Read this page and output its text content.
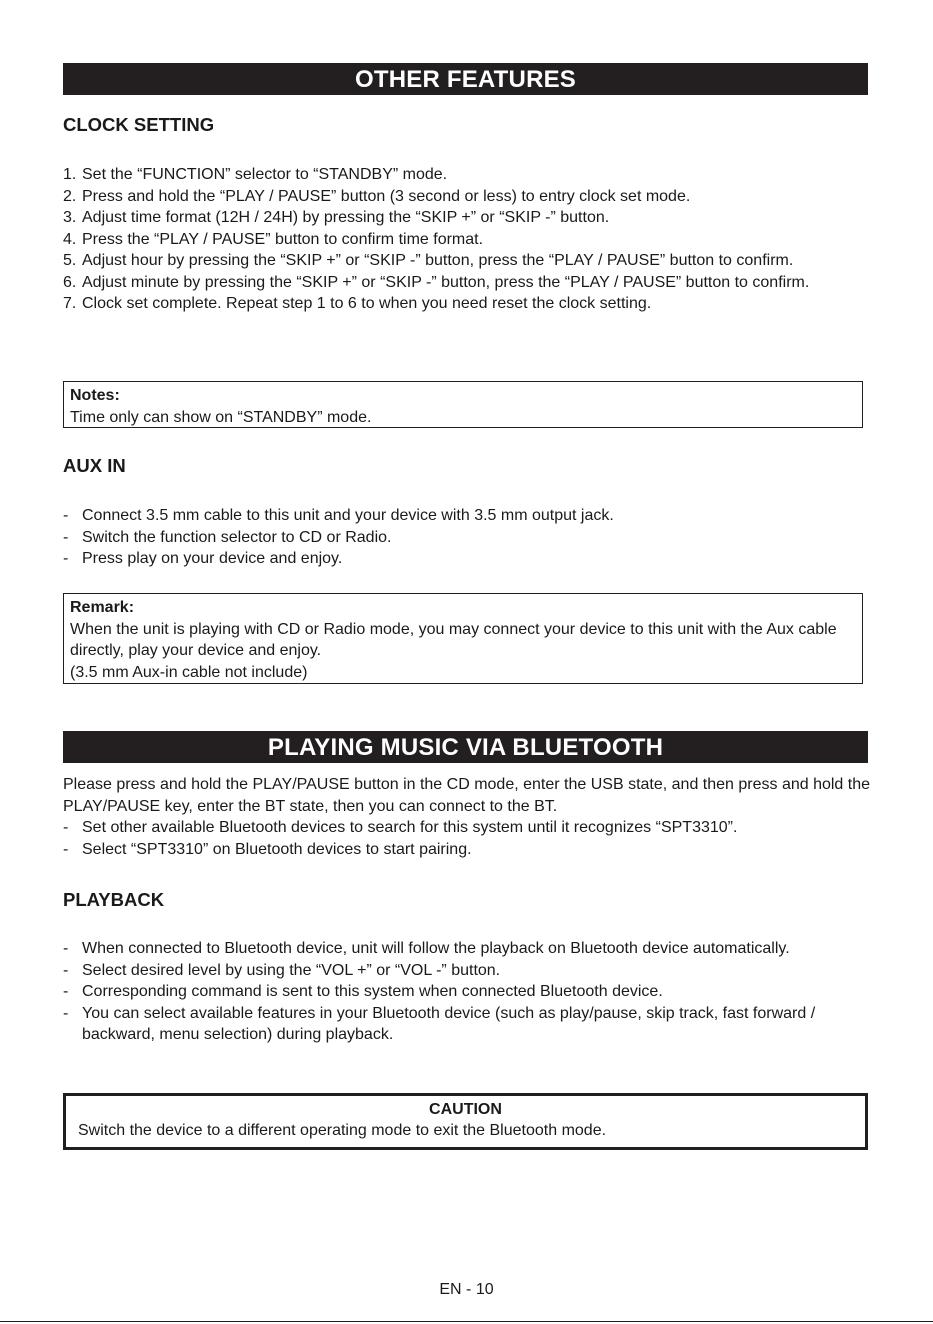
OTHER FEATURES
CLOCK SETTING
1. Set the “FUNCTION” selector to “STANDBY” mode.
2. Press and hold the “PLAY / PAUSE” button (3 second or less) to entry clock set mode.
3. Adjust time format (12H / 24H) by pressing the “SKIP +” or “SKIP -” button.
4. Press the “PLAY / PAUSE” button to confirm time format.
5. Adjust hour by pressing the “SKIP +” or “SKIP -” button, press the “PLAY / PAUSE” button to confirm.
6. Adjust minute by pressing the “SKIP +” or “SKIP -” button, press the “PLAY / PAUSE” button to confirm.
7. Clock set complete. Repeat step 1 to 6 to when you need reset the clock setting.
Notes:
Time only can show on “STANDBY” mode.
AUX IN
- Connect 3.5 mm cable to this unit and your device with 3.5 mm output jack.
- Switch the function selector to CD or Radio.
- Press play on your device and enjoy.
Remark:
When the unit is playing with CD or Radio mode, you may connect your device to this unit with the Aux cable directly, play your device and enjoy.
(3.5 mm Aux-in cable not include)
PLAYING MUSIC VIA BLUETOOTH

Please press and hold the PLAY/PAUSE button in the CD mode, enter the USB state, and then press and hold the PLAY/PAUSE key, enter the BT state, then you can connect to the BT.

- Set other available Bluetooth devices to search for this system until it recognizes “SPT3310”.
- Select “SPT3310” on Bluetooth devices to start pairing.
PLAYBACK
- When connected to Bluetooth device, unit will follow the playback on Bluetooth device automatically.
- Select desired level by using the “VOL +” or “VOL -” button.
- Corresponding command is sent to this system when connected Bluetooth device.
- You can select available features in your Bluetooth device (such as play/pause, skip track, fast forward / backward, menu selection) during playback.
CAUTION
Switch the device to a different operating mode to exit the Bluetooth mode.
EN - 10
